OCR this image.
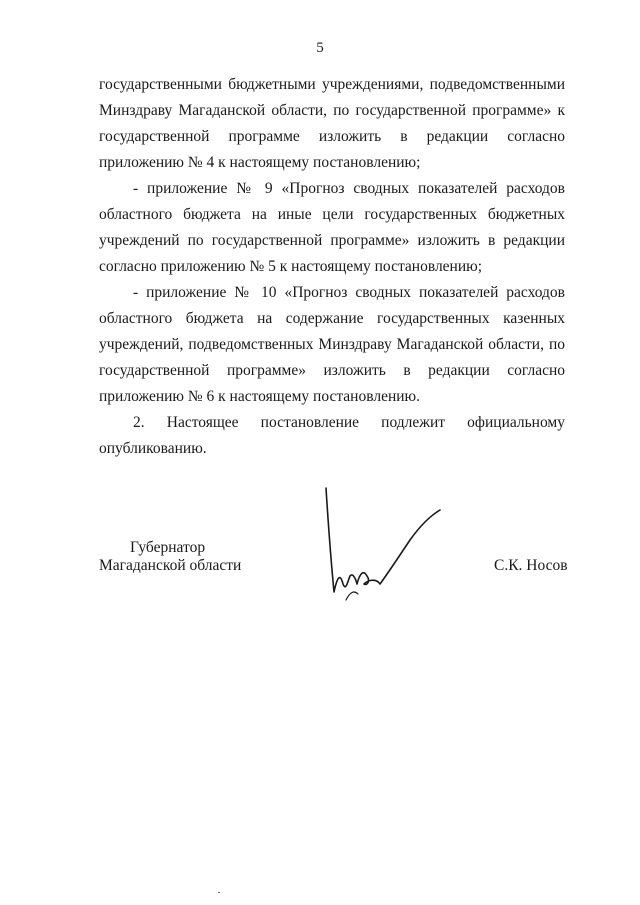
5

государственными бюджетными учреждениями, подведомственными Минздраву Магаданской области, по государственной программе» к государственной программе изложить в редакции согласно приложению № 4 к настоящему постановлению;

- приложение № 9 «Прогноз сводных показателей расходов областного бюджета на иные цели государственных бюджетных учреждений по государственной программе» изложить в редакции согласно приложению № 5 к настоящему постановлению;

- приложение № 10 «Прогноз сводных показателей расходов областного бюджета на содержание государственных казенных учреждений, подведомственных Минздраву Магаданской области, по государственной программе» изложить в редакции согласно приложению № 6 к настоящему постановлению.

2. Настоящее постановление подлежит официальному опубликованию.

Губернатор
Магаданской области	С.К. Носов
